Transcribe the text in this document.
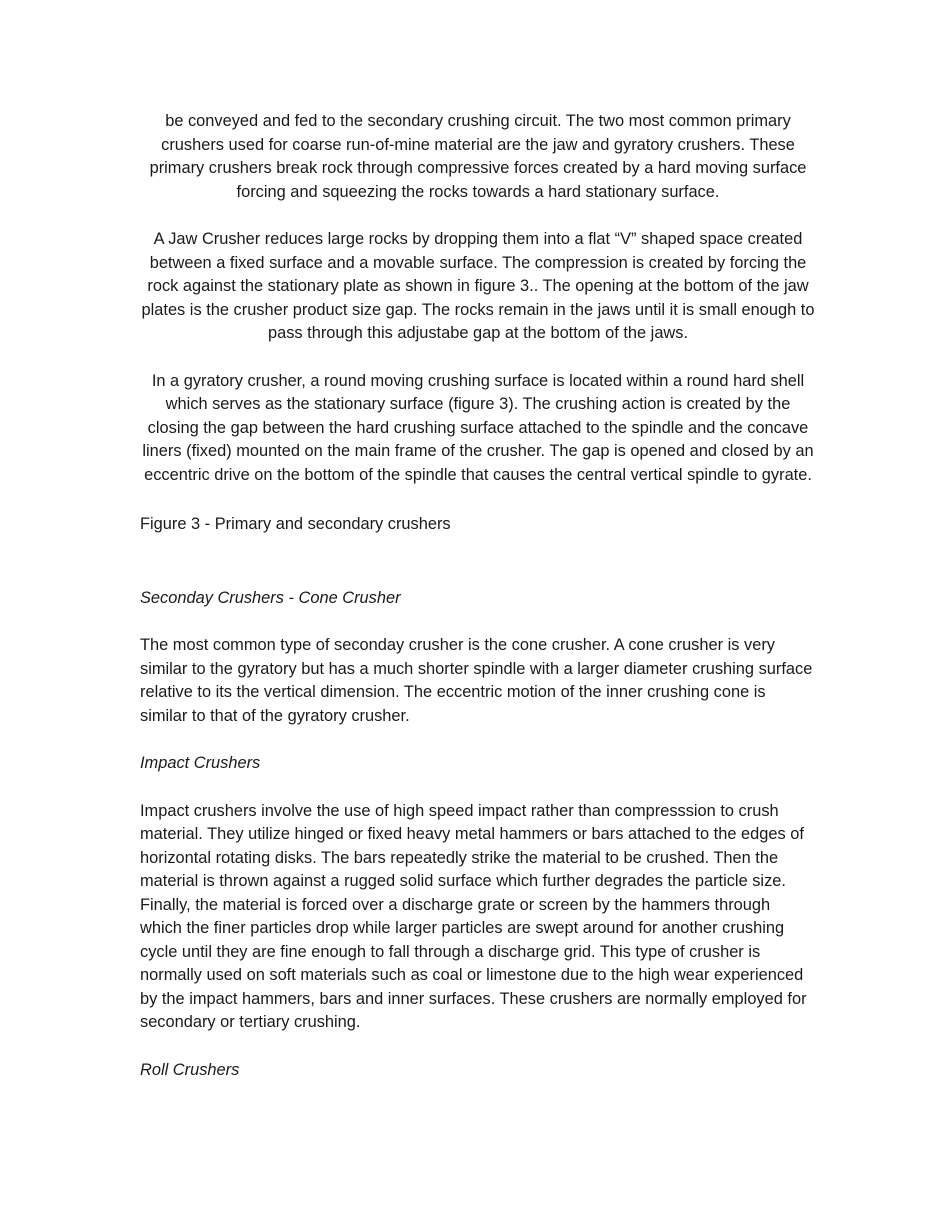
be conveyed and fed to the secondary crushing circuit. The two most common primary crushers used for coarse run-of-mine material are the jaw and gyratory crushers. These primary crushers break rock through compressive forces created by a hard moving surface forcing and squeezing the rocks towards a hard stationary surface.

A Jaw Crusher reduces large rocks by dropping them into a flat “V” shaped space created between a fixed surface and a movable surface. The compression is created by forcing the rock against the stationary plate as shown in figure 3.. The opening at the bottom of the jaw plates is the crusher product size gap. The rocks remain in the jaws until it is small enough to pass through this adjustabe gap at the bottom of the jaws.

In a gyratory crusher, a round moving crushing surface is located within a round hard shell which serves as the stationary surface (figure 3). The crushing action is created by the closing the gap between the hard crushing surface attached to the spindle and the concave liners (fixed) mounted on the main frame of the crusher. The gap is opened and closed by an eccentric drive on the bottom of the spindle that causes the central vertical spindle to gyrate.

Figure 3 - Primary and secondary crushers

Seconday Crushers - Cone Crusher

The most common type of seconday crusher is the cone crusher. A cone crusher is very similar to the gyratory but has a much shorter spindle with a larger diameter crushing surface relative to its the vertical dimension. The eccentric motion of the inner crushing cone is similar to that of the gyratory crusher.

Impact Crushers

Impact crushers involve the use of high speed impact rather than compresssion to crush material. They utilize hinged or fixed heavy metal hammers or bars attached to the edges of horizontal rotating disks. The bars repeatedly strike the material to be crushed. Then the material is thrown against a rugged solid surface which further degrades the particle size. Finally, the material is forced over a discharge grate or screen by the hammers through which the finer particles drop while larger particles are swept around for another crushing cycle until they are fine enough to fall through a discharge grid. This type of crusher is normally used on soft materials such as coal or limestone due to the high wear experienced by the impact hammers, bars and inner surfaces. These crushers are normally employed for secondary or tertiary crushing.

Roll Crushers
